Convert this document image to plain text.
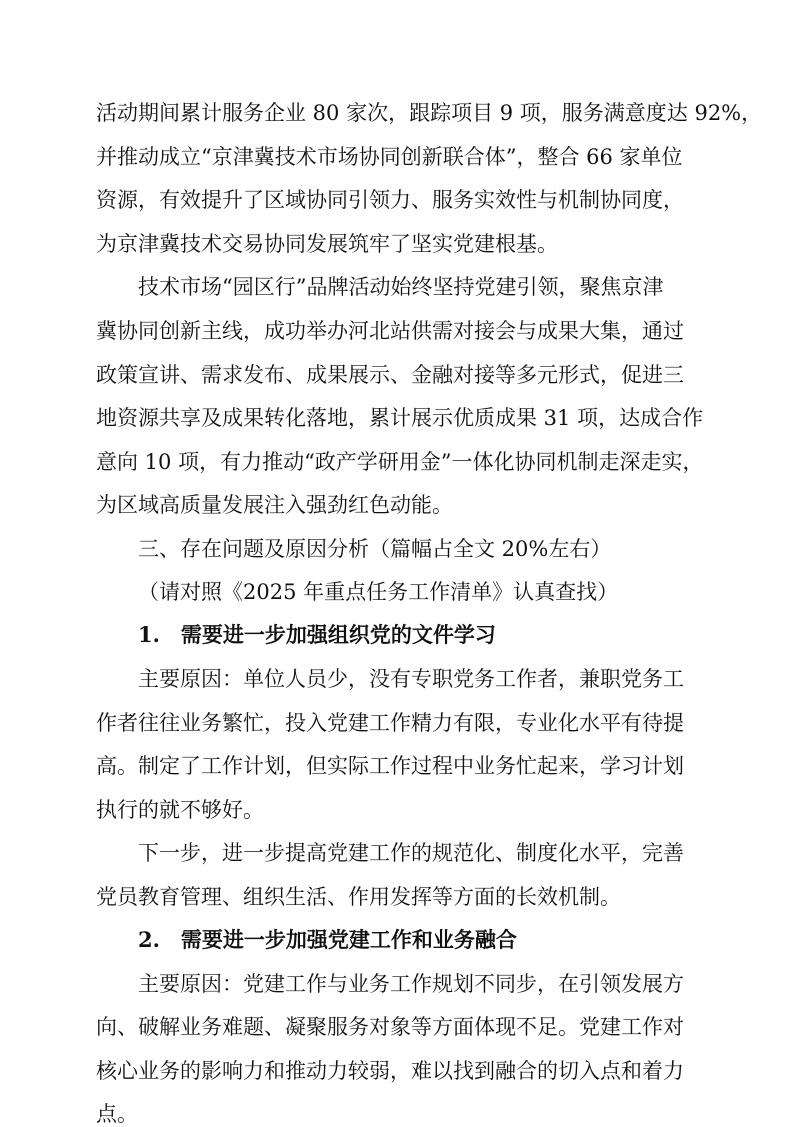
活动期间累计服务企业 80 家次，跟踪项目 9 项，服务满意度达 92%，
并推动成立“京津冀技术市场协同创新联合体”，整合 66 家单位
资源，有效提升了区域协同引领力、服务实效性与机制协同度，
为京津冀技术交易协同发展筑牢了坚实党建根基。
技术市场“园区行”品牌活动始终坚持党建引领，聚焦京津
冀协同创新主线，成功举办河北站供需对接会与成果大集，通过
政策宣讲、需求发布、成果展示、金融对接等多元形式，促进三
地资源共享及成果转化落地，累计展示优质成果 31 项，达成合作
意向 10 项，有力推动“政产学研用金”一体化协同机制走深走实，
为区域高质量发展注入强劲红色动能。
三、存在问题及原因分析（篇幅占全文 20%左右）
（请对照《2025 年重点任务工作清单》认真查找）
1.　需要进一步加强组织党的文件学习
主要原因：单位人员少，没有专职党务工作者，兼职党务工
作者往往业务繁忙，投入党建工作精力有限，专业化水平有待提
高。制定了工作计划，但实际工作过程中业务忙起来，学习计划
执行的就不够好。
下一步，进一步提高党建工作的规范化、制度化水平，完善
党员教育管理、组织生活、作用发挥等方面的长效机制。
2.　需要进一步加强党建工作和业务融合
主要原因：党建工作与业务工作规划不同步，在引领发展方
向、破解业务难题、凝聚服务对象等方面体现不足。党建工作对
核心业务的影响力和推动力较弱，难以找到融合的切入点和着力
点。
